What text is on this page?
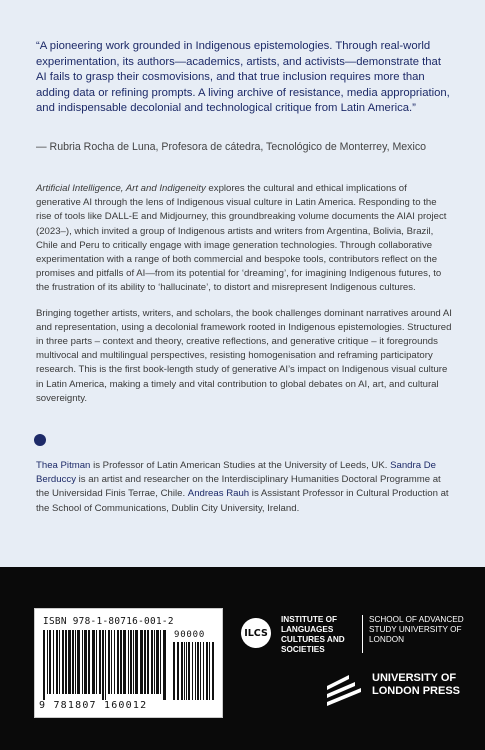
“A pioneering work grounded in Indigenous epistemologies. Through real-world experimentation, its authors—academics, artists, and activists—demonstrate that AI fails to grasp their cosmovisions, and that true inclusion requires more than adding data or refining prompts. A living archive of resistance, media appropriation, and indispensable decolonial and technological critique from Latin America.”
— Rubria Rocha de Luna, Profesora de cátedra, Tecnológico de Monterrey, Mexico

Artificial Intelligence, Art and Indigeneity explores the cultural and ethical implications of generative AI through the lens of Indigenous visual culture in Latin America. Responding to the rise of tools like DALL-E and Midjourney, this groundbreaking volume documents the AIAI project (2023–), which invited a group of Indigenous artists and writers from Argentina, Bolivia, Brazil, Chile and Peru to critically engage with image generation technologies. Through collaborative experimentation with a range of both commercial and bespoke tools, contributors reflect on the promises and pitfalls of AI—from its potential for ‘dreaming’, for imagining Indigenous futures, to the frustration of its ability to ‘hallucinate’, to distort and misrepresent Indigenous cultures.

Bringing together artists, writers, and scholars, the book challenges dominant narratives around AI and representation, using a decolonial framework rooted in Indigenous epistemologies. Structured in three parts – context and theory, creative reflections, and generative critique – it foregrounds multivocal and multilingual perspectives, resisting homogenisation and reframing participatory research. This is the first book-length study of generative AI’s impact on Indigenous visual culture in Latin America, making a timely and vital contribution to global debates on AI, art, and cultural sovereignty.

Thea Pitman is Professor of Latin American Studies at the University of Leeds, UK. Sandra De Berduccy is an artist and researcher on the Interdisciplinary Humanities Doctoral Programme at the Universidad Finis Terrae, Chile. Andreas Rauh is Assistant Professor in Cultural Production at the School of Communications, Dublin City University, Ireland.
ISBN 978-1-80716-001-2
90000
9 781807 160012
ILCS
INSTITUTE OF LANGUAGES CULTURES AND SOCIETIES
SCHOOL OF ADVANCED STUDY UNIVERSITY OF LONDON
UNIVERSITY OF LONDON PRESS
